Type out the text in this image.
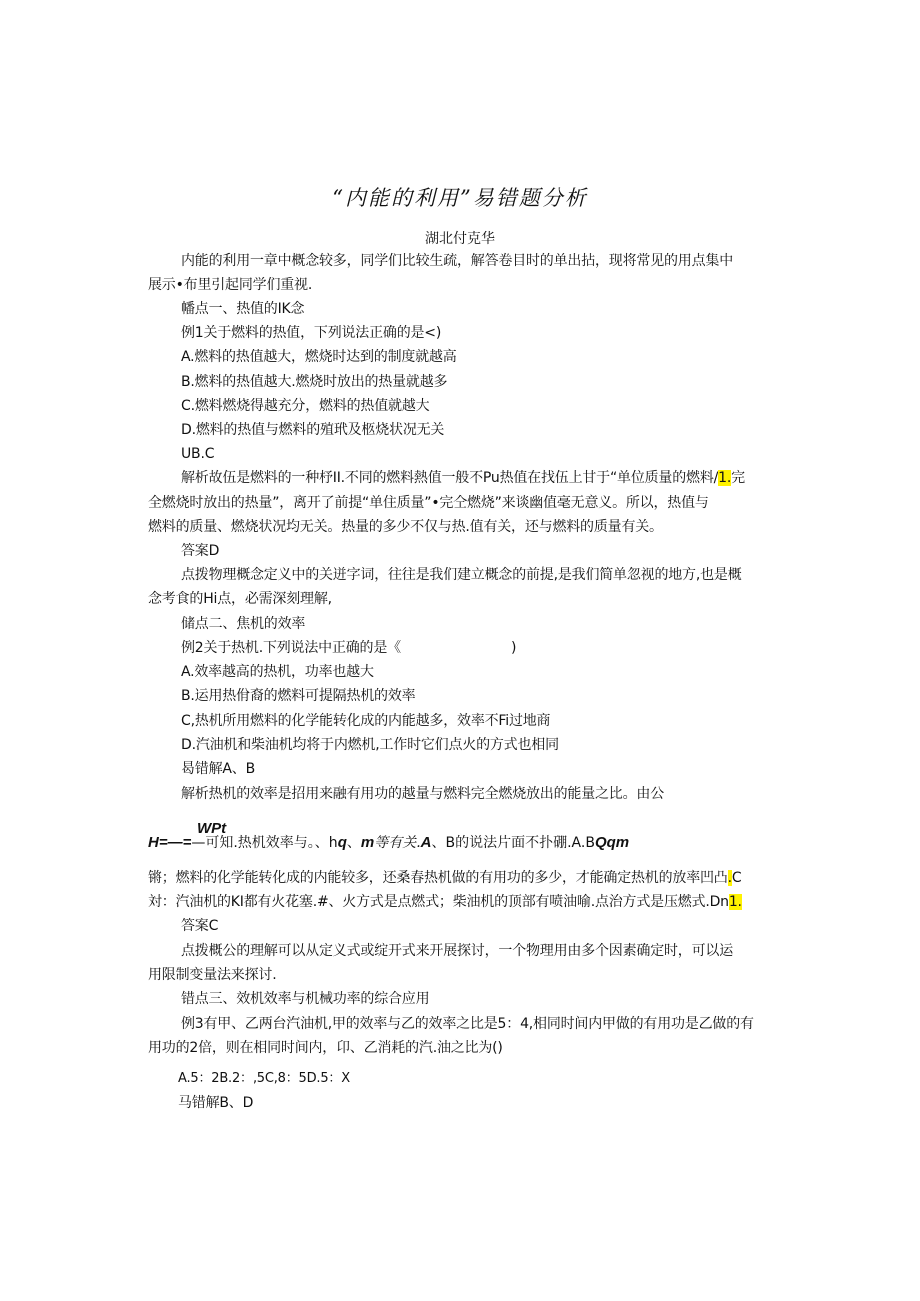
“内能的利用”易错题分析
湖北付克华
内能的利用一章中概念较多，同学们比较生疏，解答卷目时的单出拈，现将常见的用点集中
展示•布里引起同学们重视.
幡点一、热值的IK念
例1关于燃料的热值，下列说法正确的是<)
A.燃料的热值越大，燃烧时达到的制度就越高
B.燃料的热值越大.燃烧时放出的热量就越多
C.燃料燃烧得越充分，燃料的热值就越大
D.燃料的热值与燃料的殖玳及柩烧状况无关
UB.C
解析故伍是燃料的一种杼II.不同的燃料熱值一般不Pu热值在找伍上甘于“单位质量的燃料/1.完
全燃烧时放出的热量”，离开了前提“单住质量”•完仝燃烧”来谈幽值毫无意义。所以，热值与
燃料的质量、燃烧状况均无关。热量的多少不仅与热.值有关，还与燃料的质量有关。
答案D
点拨物理概念定义中的关迸字词，往往是我们建立概念的前提,是我们简单忽视的地方,也是概
念考食的Hi点，必需深刻理解,
储点二、焦机的效率
例2关于热机.下列说法中正确的是《	)
A.效率越高的热机，功率也越大
B.运用热佾裔的燃料可提隔热机的效率
C,热机所用燃料的化学能转化成的内能越多，效率不Fi过地商
D.汽油机和柴油机均将于内燃机,工作时它们点火的方式也相同
曷错解A、B
解析热机的效率是招用来融有用功的越量与燃料完全燃烧放出的能量之比。由公
WPt
H=—=—可知.热机效率与。、hq、m等有关.A、B的说法片面不扑硼.A.BQqm
锵；燃料的化学能转化成的内能较多，还桑春热机做的有用功的多少，才能确定热机的放率凹凸.C
対：汽油机的KI都有火花塞.#、火方式是点燃式；柴油机的顶部有喷油喻.点治方式是压燃式.Dn1.
答案C
点拨概公的理解可以从定义式或绽开式来开展探讨，一个物理用由多个因素确定时，可以运
用限制变量法来探讨.
错点三、效机效率与机械功率的综合应用
例3有甲、乙两台汽油机,甲的效率与乙的效率之比是5：4,相同时间内甲做的有用功是乙做的有
用功的2倍，则在相同时间内，卬、乙消耗的汽.油之比为()
A.5：2B.2：‚5C,8：5D.5：X
马错解B、D
